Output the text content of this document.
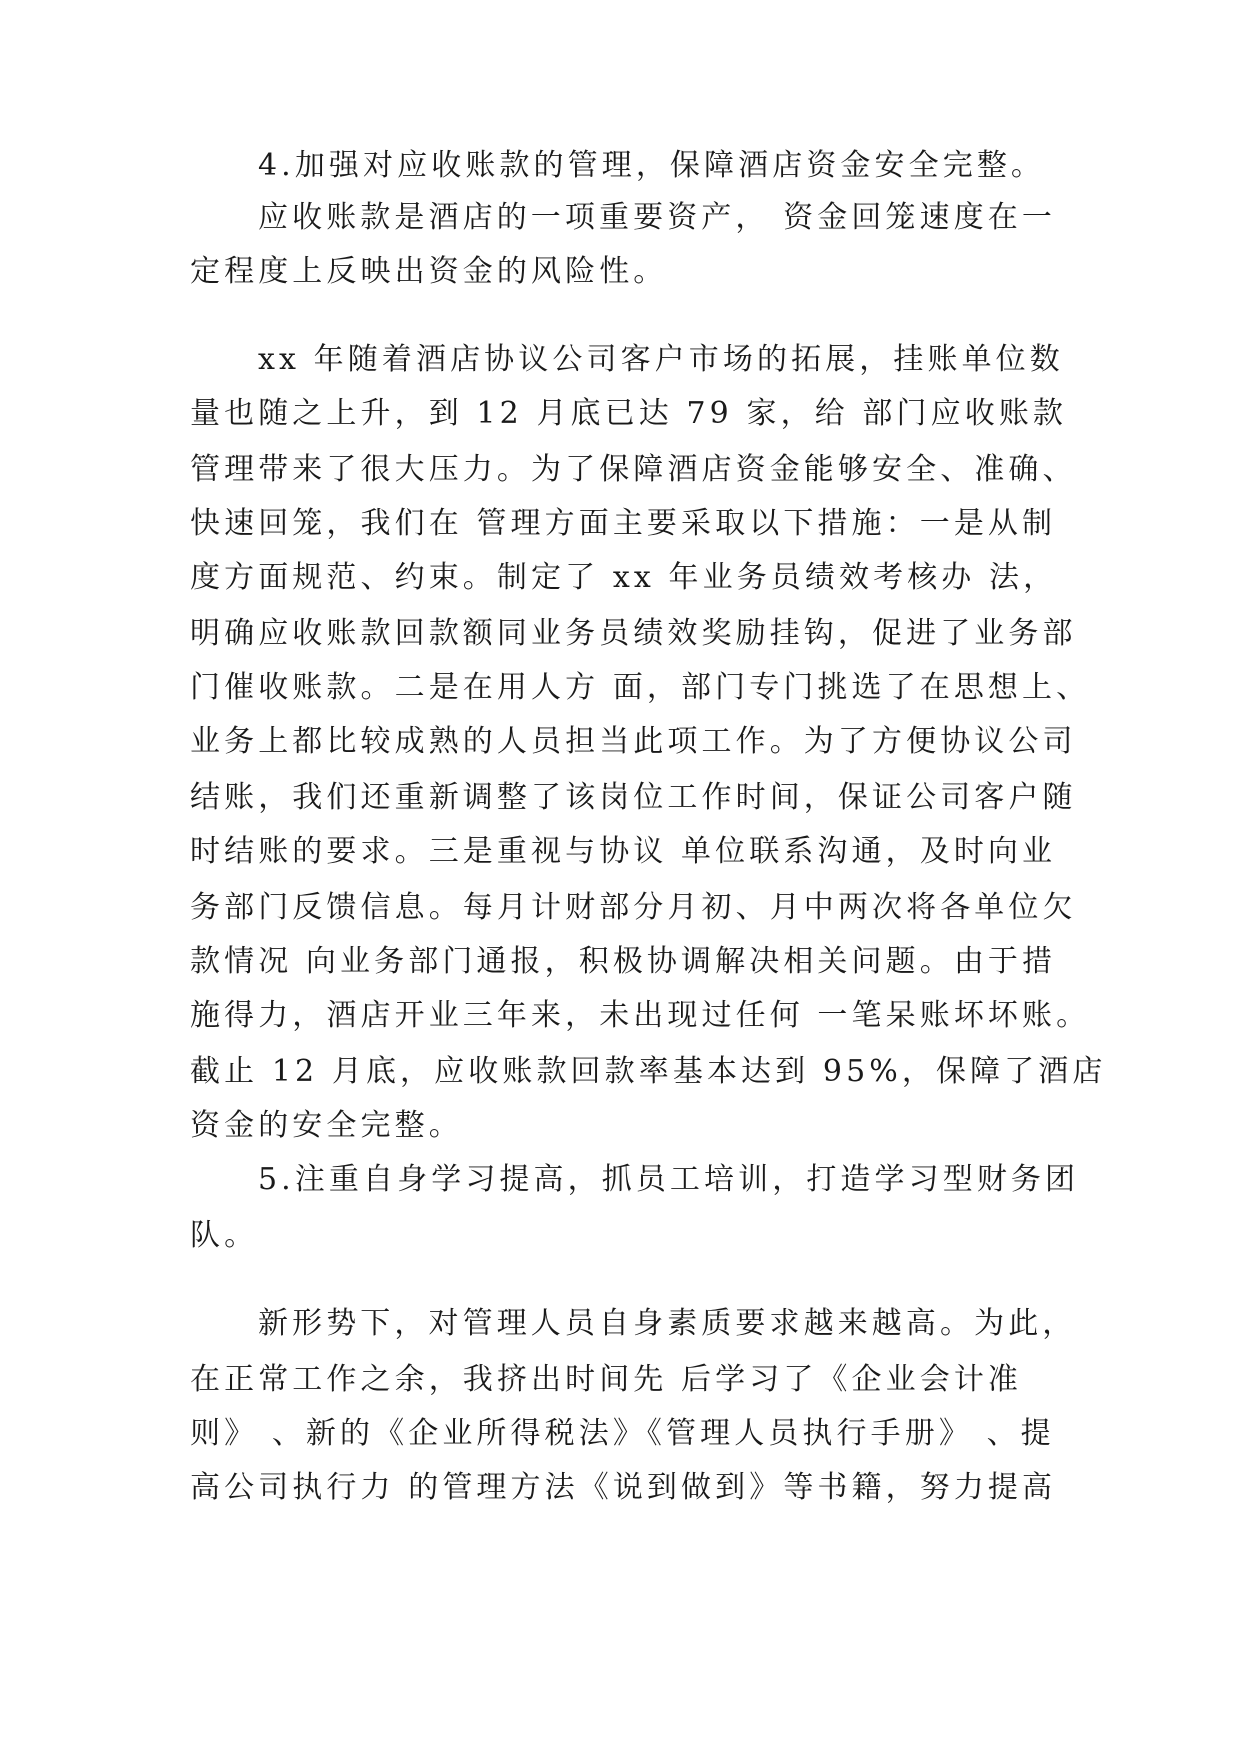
4.加强对应收账款的管理，保障酒店资金安全完整。
应收账款是酒店的一项重要资产， 资金回笼速度在一
定程度上反映出资金的风险性。
xx 年随着酒店协议公司客户市场的拓展，挂账单位数
量也随之上升，到 12 月底已达 79 家，给 部门应收账款
管理带来了很大压力。为了保障酒店资金能够安全、准确、
快速回笼，我们在 管理方面主要采取以下措施：一是从制
度方面规范、约束。制定了 xx 年业务员绩效考核办 法，
明确应收账款回款额同业务员绩效奖励挂钩，促进了业务部
门催收账款。二是在用人方 面，部门专门挑选了在思想上、
业务上都比较成熟的人员担当此项工作。为了方便协议公司
结账，我们还重新调整了该岗位工作时间，保证公司客户随
时结账的要求。三是重视与协议 单位联系沟通，及时向业
务部门反馈信息。每月计财部分月初、月中两次将各单位欠
款情况 向业务部门通报，积极协调解决相关问题。由于措
施得力，酒店开业三年来，未出现过任何 一笔呆账坏坏账。
截止 12 月底，应收账款回款率基本达到 95%，保障了酒店
资金的安全完整。
5.注重自身学习提高，抓员工培训，打造学习型财务团
队。
新形势下，对管理人员自身素质要求越来越高。为此，
在正常工作之余，我挤出时间先 后学习了《企业会计准
则》 、新的《企业所得税法》《管理人员执行手册》 、提
高公司执行力 的管理方法《说到做到》等书籍，努力提高
